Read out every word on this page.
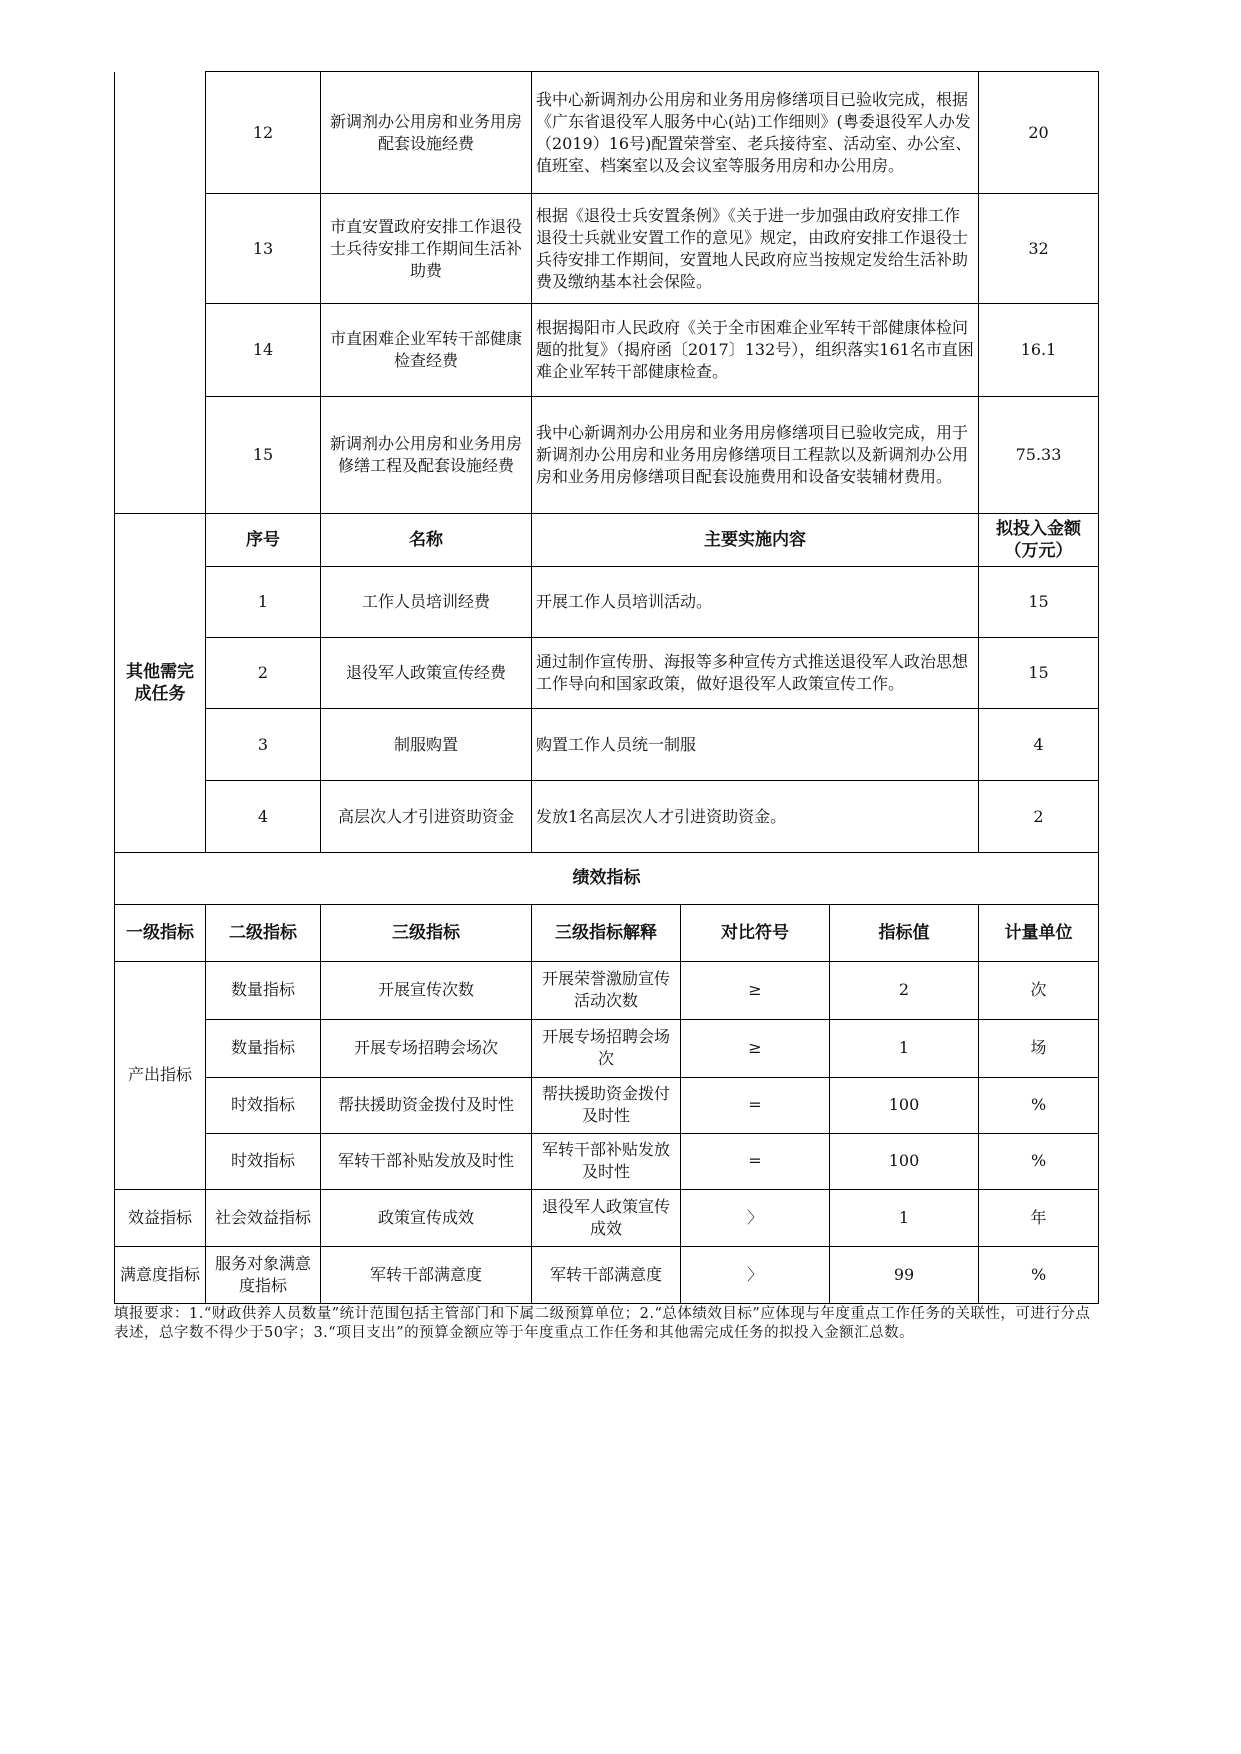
	12	新调剂办公用房和业务用房配套设施经费	我中心新调剂办公用房和业务用房修缮项目已验收完成，根据《广东省退役军人服务中心(站)工作细则》(粤委退役军人办发（2019）16号)配置荣誉室、老兵接待室、活动室、办公室、值班室、档案室以及会议室等服务用房和办公用房。	20
	13	市直安置政府安排工作退役士兵待安排工作期间生活补助费	根据《退役士兵安置条例》《关于进一步加强由政府安排工作退役士兵就业安置工作的意见》规定，由政府安排工作退役士兵待安排工作期间，安置地人民政府应当按规定发给生活补助费及缴纳基本社会保险。	32
	14	市直困难企业军转干部健康检查经费	根据揭阳市人民政府《关于全市困难企业军转干部健康体检问题的批复》（揭府函〔2017〕132号），组织落实161名市直困难企业军转干部健康检查。	16.1
	15	新调剂办公用房和业务用房修缮工程及配套设施经费	我中心新调剂办公用房和业务用房修缮项目已验收完成，用于新调剂办公用房和业务用房修缮项目工程款以及新调剂办公用房和业务用房修缮项目配套设施费用和设备安装辅材费用。	75.33
其他需完成任务	序号	名称	主要实施内容	拟投入金额（万元）
	1	工作人员培训经费	开展工作人员培训活动。	15
	2	退役军人政策宣传经费	通过制作宣传册、海报等多种宣传方式推送退役军人政治思想工作导向和国家政策，做好退役军人政策宣传工作。	15
	3	制服购置	购置工作人员统一制服	4
	4	高层次人才引进资助资金	发放1名高层次人才引进资助资金。	2
绩效指标						
一级指标	二级指标	三级指标	三级指标解释	对比符号	指标值	计量单位
产出指标	数量指标	开展宣传次数	开展荣誉激励宣传活动次数	≥	2	次
	数量指标	开展专场招聘会场次	开展专场招聘会场次	≥	1	场
	时效指标	帮扶援助资金拨付及时性	帮扶援助资金拨付及时性	=	100	%
	时效指标	军转干部补贴发放及时性	军转干部补贴发放及时性	=	100	%
效益指标	社会效益指标	政策宣传成效	退役军人政策宣传成效	〉	1	年
满意度指标	服务对象满意度指标	军转干部满意度	军转干部满意度	〉	99	%
填报要求：1.“财政供养人员数量”统计范围包括主管部门和下属二级预算单位；2.“总体绩效目标”应体现与年度重点工作任务的关联性，可进行分点表述，总字数不得少于50字；3.“项目支出”的预算金额应等于年度重点工作任务和其他需完成任务的拟投入金额汇总数。
